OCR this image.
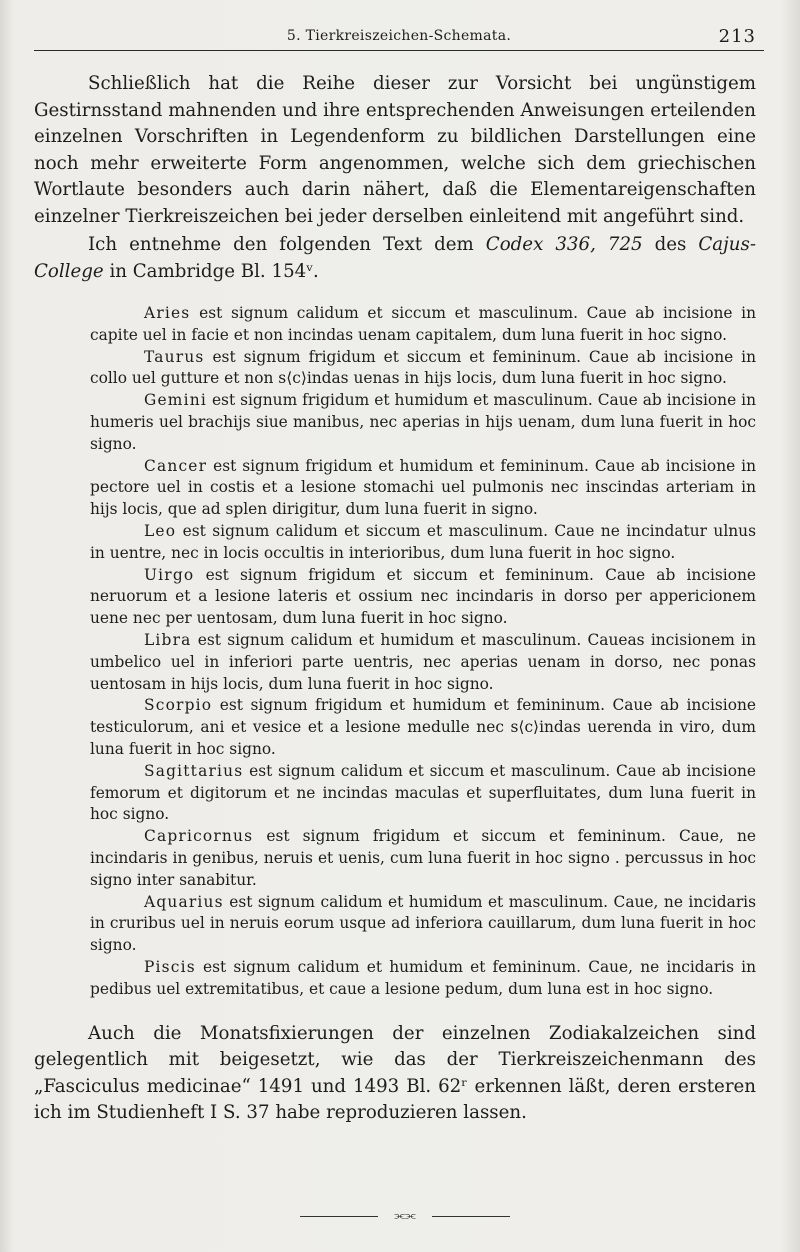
5. Tierkreiszeichen-Schemata.	213

Schließlich hat die Reihe dieser zur Vorsicht bei ungünstigem Gestirnsstand mahnenden und ihre entsprechenden Anweisungen erteilenden einzelnen Vorschriften in Legendenform zu bildlichen Darstellungen eine noch mehr erweiterte Form angenommen, welche sich dem griechischen Wortlaute besonders auch darin nähert, daß die Elementareigenschaften einzelner Tierkreiszeichen bei jeder derselben einleitend mit angeführt sind.

Ich entnehme den folgenden Text dem Codex 336, 725 des Cajus-College in Cambridge Bl. 154ᵛ.

Aries est signum calidum et siccum et masculinum. Caue ab incisione in capite uel in facie et non incindas uenam capitalem, dum luna fuerit in hoc signo.

Taurus est signum frigidum et siccum et femininum. Caue ab incisione in collo uel gutture et non s⟨c⟩indas uenas in hijs locis, dum luna fuerit in hoc signo.

Gemini est signum frigidum et humidum et masculinum. Caue ab incisione in humeris uel brachijs siue manibus, nec aperias in hijs uenam, dum luna fuerit in hoc signo.

Cancer est signum frigidum et humidum et femininum. Caue ab incisione in pectore uel in costis et a lesione stomachi uel pulmonis nec inscindas arteriam in hijs locis, que ad splen dirigitur, dum luna fuerit in signo.

Leo est signum calidum et siccum et masculinum. Caue ne incindatur ulnus in uentre, nec in locis occultis in interioribus, dum luna fuerit in hoc signo.

Uirgo est signum frigidum et siccum et femininum. Caue ab incisione neruorum et a lesione lateris et ossium nec incindaris in dorso per appericionem uene nec per uentosam, dum luna fuerit in hoc signo.

Libra est signum calidum et humidum et masculinum. Caueas incisionem in umbelico uel in inferiori parte uentris, nec aperias uenam in dorso, nec ponas uentosam in hijs locis, dum luna fuerit in hoc signo.

Scorpio est signum frigidum et humidum et femininum. Caue ab incisione testiculorum, ani et vesice et a lesione medulle nec s⟨c⟩indas uerenda in viro, dum luna fuerit in hoc signo.

Sagittarius est signum calidum et siccum et masculinum. Caue ab incisione femorum et digitorum et ne incindas maculas et superfluitates, dum luna fuerit in hoc signo.

Capricornus est signum frigidum et siccum et femininum. Caue, ne incindaris in genibus, neruis et uenis, cum luna fuerit in hoc signo . percussus in hoc signo inter sanabitur.

Aquarius est signum calidum et humidum et masculinum. Caue, ne incidaris in cruribus uel in neruis eorum usque ad inferiora cauillarum, dum luna fuerit in hoc signo.

Piscis est signum calidum et humidum et femininum. Caue, ne incidaris in pedibus uel extremitatibus, et caue a lesione pedum, dum luna est in hoc signo.

Auch die Monatsfixierungen der einzelnen Zodiakalzeichen sind gelegentlich mit beigesetzt, wie das der Tierkreiszeichenmann des „Fasciculus medicinae“ 1491 und 1493 Bl. 62ʳ erkennen läßt, deren ersteren ich im Studienheft I S. 37 habe reproduzieren lassen.

⫘⫘
